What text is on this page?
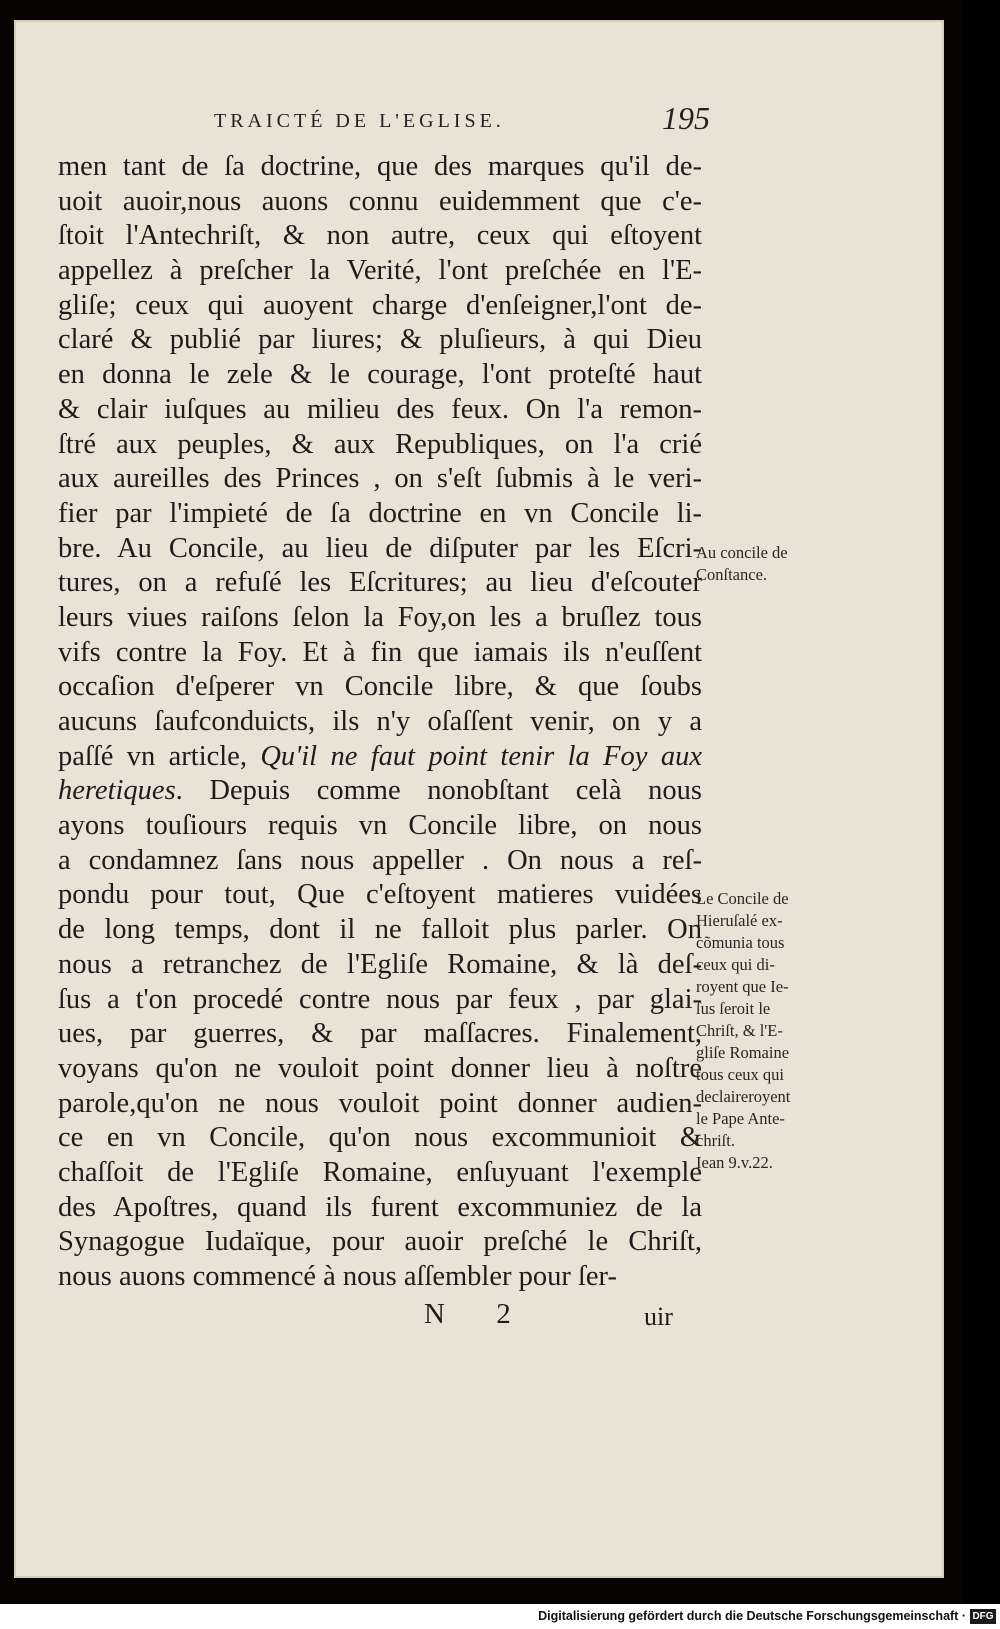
TRAICTÉ DE L'EGLISE.	195
men tant de ſa doctrine, que des marques qu'il de-
uoit auoir,nous auons connu euidemment que c'e-
ſtoit l'Antechriſt, & non autre, ceux qui eſtoyent
appellez à preſcher la Verité, l'ont preſchée en l'E-
gliſe; ceux qui auoyent charge d'enſeigner,l'ont de-
claré & publié par liures; & pluſieurs, à qui Dieu
en donna le zele & le courage, l'ont proteſté haut
& clair iuſques au milieu des feux. On l'a remon-
ſtré aux peuples, & aux Republiques, on l'a crié
aux aureilles des Princes , on s'eſt ſubmis à le veri-
fier par l'impieté de ſa doctrine en vn Concile li-
bre. Au Concile, au lieu de diſputer par les Eſcri-
tures, on a refuſé les Eſcritures; au lieu d'eſcouter
leurs viues raiſons ſelon la Foy,on les a bruſlez tous
vifs contre la Foy. Et à fin que iamais ils n'euſſent
occaſion d'eſperer vn Concile libre, & que ſoubs
aucuns ſaufconduicts, ils n'y oſaſſent venir, on y a
paſſé vn article, Qu'il ne faut point tenir la Foy aux
heretiques. Depuis comme nonobſtant celà nous
ayons touſiours requis vn Concile libre, on nous
a condamnez ſans nous appeller . On nous a reſ-
pondu pour tout, Que c'eſtoyent matieres vuidées
de long temps, dont il ne falloit plus parler. On
nous a retranchez de l'Egliſe Romaine, & là deſ-
ſus a t'on procedé contre nous par feux , par glai-
ues, par guerres, & par maſſacres. Finalement,
voyans qu'on ne vouloit point donner lieu à noſtre
parole,qu'on ne nous vouloit point donner audien-
ce en vn Concile, qu'on nous excommunioit &
chaſſoit de l'Egliſe Romaine, enſuyuant l'exemple
des Apoſtres, quand ils furent excommuniez de la
Synagogue Iudaïque, pour auoir preſché le Chriſt,
nous auons commencé à nous aſſembler pour ſer-
Au concile de
Conſtance.
Le Concile de
Hieruſalé ex-
cõmunia tous
ceux qui di-
royent que Ie-
ſus ſeroit le
Chriſt, & l'E-
gliſe Romaine
tous ceux qui
declaireroyent
le Pape Ante-
chriſt.
Iean 9.v.22.
N 2	uir
Digitalisierung gefördert durch die Deutsche Forschungsgemeinschaft · DFG
